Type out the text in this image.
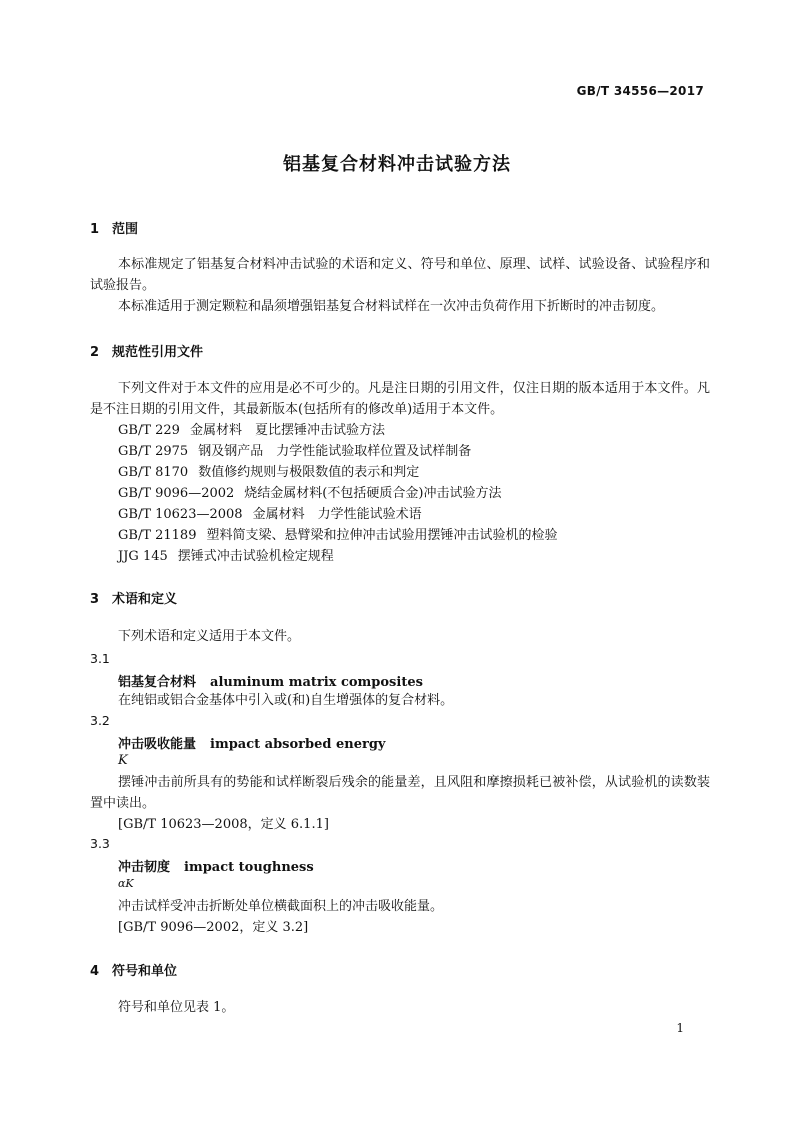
GB/T 34556—2017
铝基复合材料冲击试验方法
1 范围
本标准规定了铝基复合材料冲击试验的术语和定义、符号和单位、原理、试样、试验设备、试验程序和试验报告。
本标准适用于测定颗粒和晶须增强铝基复合材料试样在一次冲击负荷作用下折断时的冲击韧度。
2 规范性引用文件
下列文件对于本文件的应用是必不可少的。凡是注日期的引用文件，仅注日期的版本适用于本文件。凡是不注日期的引用文件，其最新版本(包括所有的修改单)适用于本文件。
GB/T 229 金属材料　夏比摆锤冲击试验方法
GB/T 2975 钢及钢产品　力学性能试验取样位置及试样制备
GB/T 8170 数值修约规则与极限数值的表示和判定
GB/T 9096—2002 烧结金属材料(不包括硬质合金)冲击试验方法
GB/T 10623—2008 金属材料　力学性能试验术语
GB/T 21189 塑料简支梁、悬臂梁和拉伸冲击试验用摆锤冲击试验机的检验
JJG 145 摆锤式冲击试验机检定规程
3 术语和定义
下列术语和定义适用于本文件。
3.1
铝基复合材料 aluminum matrix composites
在纯铝或铝合金基体中引入或(和)自生增强体的复合材料。
3.2
冲击吸收能量 impact absorbed energy
K
摆锤冲击前所具有的势能和试样断裂后残余的能量差，且风阻和摩擦损耗已被补偿，从试验机的读数装置中读出。
[GB/T 10623—2008，定义 6.1.1]
3.3
冲击韧度 impact toughness
αK
冲击试样受冲击折断处单位横截面积上的冲击吸收能量。
[GB/T 9096—2002，定义 3.2]
4 符号和单位
符号和单位见表 1。
1
